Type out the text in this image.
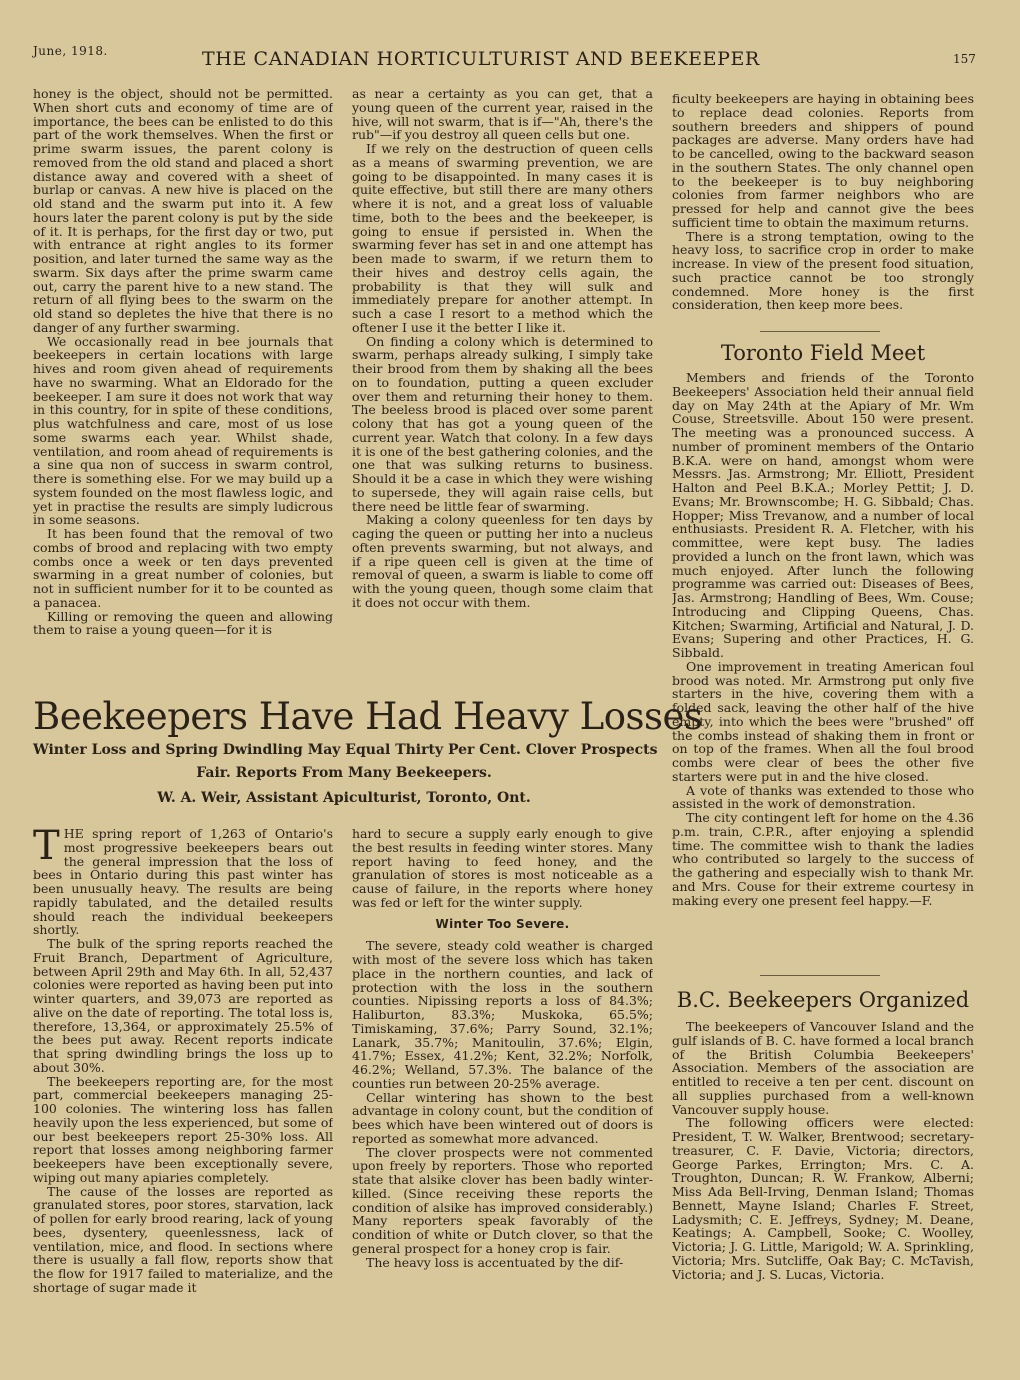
June, 1918.	THE CANADIAN HORTICULTURIST AND BEEKEEPER	157

honey is the object, should not be permitted. When short cuts and economy of time are of importance, the bees can be enlisted to do this part of the work themselves. When the first or prime swarm issues, the parent colony is removed from the old stand and placed a short distance away and covered with a sheet of burlap or canvas. A new hive is placed on the old stand and the swarm put into it. A few hours later the parent colony is put by the side of it. It is perhaps, for the first day or two, put with entrance at right angles to its former position, and later turned the same way as the swarm. Six days after the prime swarm came out, carry the parent hive to a new stand. The return of all flying bees to the swarm on the old stand so depletes the hive that there is no danger of any further swarming.

We occasionally read in bee journals that beekeepers in certain locations with large hives and room given ahead of requirements have no swarming. What an Eldorado for the beekeeper. I am sure it does not work that way in this country, for in spite of these conditions, plus watchfulness and care, most of us lose some swarms each year. Whilst shade, ventilation, and room ahead of requirements is a sine qua non of success in swarm control, there is something else. For we may build up a system founded on the most flawless logic, and yet in practise the results are simply ludicrous in some seasons.

It has been found that the removal of two combs of brood and replacing with two empty combs once a week or ten days prevented swarming in a great number of colonies, but not in sufficient number for it to be counted as a panacea.

Killing or removing the queen and allowing them to raise a young queen—for it is

as near a certainty as you can get, that a young queen of the current year, raised in the hive, will not swarm, that is if—"Ah, there's the rub"—if you destroy all queen cells but one.

If we rely on the destruction of queen cells as a means of swarming prevention, we are going to be disappointed. In many cases it is quite effective, but still there are many others where it is not, and a great loss of valuable time, both to the bees and the beekeeper, is going to ensue if persisted in. When the swarming fever has set in and one attempt has been made to swarm, if we return them to their hives and destroy cells again, the probability is that they will sulk and immediately prepare for another attempt. In such a case I resort to a method which the oftener I use it the better I like it.

On finding a colony which is determined to swarm, perhaps already sulking, I simply take their brood from them by shaking all the bees on to foundation, putting a queen excluder over them and returning their honey to them. The beeless brood is placed over some parent colony that has got a young queen of the current year. Watch that colony. In a few days it is one of the best gathering colonies, and the one that was sulking returns to business. Should it be a case in which they were wishing to supersede, they will again raise cells, but there need be little fear of swarming.

Making a colony queenless for ten days by caging the queen or putting her into a nucleus often prevents swarming, but not always, and if a ripe queen cell is given at the time of removal of queen, a swarm is liable to come off with the young queen, though some claim that it does not occur with them.

ficulty beekeepers are haying in obtaining bees to replace dead colonies. Reports from southern breeders and shippers of pound packages are adverse. Many orders have had to be cancelled, owing to the backward season in the southern States. The only channel open to the beekeeper is to buy neighboring colonies from farmer neighbors who are pressed for help and cannot give the bees sufficient time to obtain the maximum returns.

There is a strong temptation, owing to the heavy loss, to sacrifice crop in order to make increase. In view of the present food situation, such practice cannot be too strongly condemned. More honey is the first consideration, then keep more bees.

Toronto Field Meet

Members and friends of the Toronto Beekeepers' Association held their annual field day on May 24th at the Apiary of Mr. Wm Couse, Streetsville. About 150 were present. The meeting was a pronounced success. A number of prominent members of the Ontario B.K.A. were on hand, amongst whom were Messrs. Jas. Armstrong; Mr. Elliott, President Halton and Peel B.K.A.; Morley Pettit; J. D. Evans; Mr. Brownscombe; H. G. Sibbald; Chas. Hopper; Miss Trevanow, and a number of local enthusiasts. President R. A. Fletcher, with his committee, were kept busy. The ladies provided a lunch on the front lawn, which was much enjoyed. After lunch the following programme was carried out: Diseases of Bees, Jas. Armstrong; Handling of Bees, Wm. Couse; Introducing and Clipping Queens, Chas. Kitchen; Swarming, Artificial and Natural, J. D. Evans; Supering and other Practices, H. G. Sibbald.

One improvement in treating American foul brood was noted. Mr. Armstrong put only five starters in the hive, covering them with a folded sack, leaving the other half of the hive empty, into which the bees were "brushed" off the combs instead of shaking them in front or on top of the frames. When all the foul brood combs were clear of bees the other five starters were put in and the hive closed.

A vote of thanks was extended to those who assisted in the work of demonstration.

The city contingent left for home on the 4.36 p.m. train, C.P.R., after enjoying a splendid time. The committee wish to thank the ladies who contributed so largely to the success of the gathering and especially wish to thank Mr. and Mrs. Couse for their extreme courtesy in making every one present feel happy.—F.

B.C. Beekeepers Organized

The beekeepers of Vancouver Island and the gulf islands of B. C. have formed a local branch of the British Columbia Beekeepers' Association. Members of the association are entitled to receive a ten per cent. discount on all supplies purchased from a well-known Vancouver supply house.

The following officers were elected: President, T. W. Walker, Brentwood; secretary-treasurer, C. F. Davie, Victoria; directors, George Parkes, Errington; Mrs. C. A. Troughton, Duncan; R. W. Frankow, Alberni; Miss Ada Bell-Irving, Denman Island; Thomas Bennett, Mayne Island; Charles F. Street, Ladysmith; C. E. Jeffreys, Sydney; M. Deane, Keatings; A. Campbell, Sooke; C. Woolley, Victoria; J. G. Little, Marigold; W. A. Sprinkling, Victoria; Mrs. Sutcliffe, Oak Bay; C. McTavish, Victoria; and J. S. Lucas, Victoria.

Beekeepers Have Had Heavy Losses
Winter Loss and Spring Dwindling May Equal Thirty Per Cent. Clover Prospects
Fair. Reports From Many Beekeepers.
W. A. Weir, Assistant Apiculturist, Toronto, Ont.

THE spring report of 1,263 of Ontario's most progressive beekeepers bears out the general impression that the loss of bees in Ontario during this past winter has been unusually heavy. The results are being rapidly tabulated, and the detailed results should reach the individual beekeepers shortly.

The bulk of the spring reports reached the Fruit Branch, Department of Agriculture, between April 29th and May 6th. In all, 52,437 colonies were reported as having been put into winter quarters, and 39,073 are reported as alive on the date of reporting. The total loss is, therefore, 13,364, or approximately 25.5% of the bees put away. Recent reports indicate that spring dwindling brings the loss up to about 30%.

The beekeepers reporting are, for the most part, commercial beekeepers managing 25-100 colonies. The wintering loss has fallen heavily upon the less experienced, but some of our best beekeepers report 25-30% loss. All report that losses among neighboring farmer beekeepers have been exceptionally severe, wiping out many apiaries completely.

The cause of the losses are reported as granulated stores, poor stores, starvation, lack of pollen for early brood rearing, lack of young bees, dysentery, queenlessness, lack of ventilation, mice, and flood. In sections where there is usually a fall flow, reports show that the flow for 1917 failed to materialize, and the shortage of sugar made it

hard to secure a supply early enough to give the best results in feeding winter stores. Many report having to feed honey, and the granulation of stores is most noticeable as a cause of failure, in the reports where honey was fed or left for the winter supply.

Winter Too Severe.

The severe, steady cold weather is charged with most of the severe loss which has taken place in the northern counties, and lack of protection with the loss in the southern counties. Nipissing reports a loss of 84.3%; Haliburton, 83.3%; Muskoka, 65.5%; Timiskaming, 37.6%; Parry Sound, 32.1%; Lanark, 35.7%; Manitoulin, 37.6%; Elgin, 41.7%; Essex, 41.2%; Kent, 32.2%; Norfolk, 46.2%; Welland, 57.3%. The balance of the counties run between 20-25% average.

Cellar wintering has shown to the best advantage in colony count, but the condition of bees which have been wintered out of doors is reported as somewhat more advanced.

The clover prospects were not commented upon freely by reporters. Those who reported state that alsike clover has been badly winter-killed. (Since receiving these reports the condition of alsike has improved considerably.) Many reporters speak favorably of the condition of white or Dutch clover, so that the general prospect for a honey crop is fair.

The heavy loss is accentuated by the dif-
